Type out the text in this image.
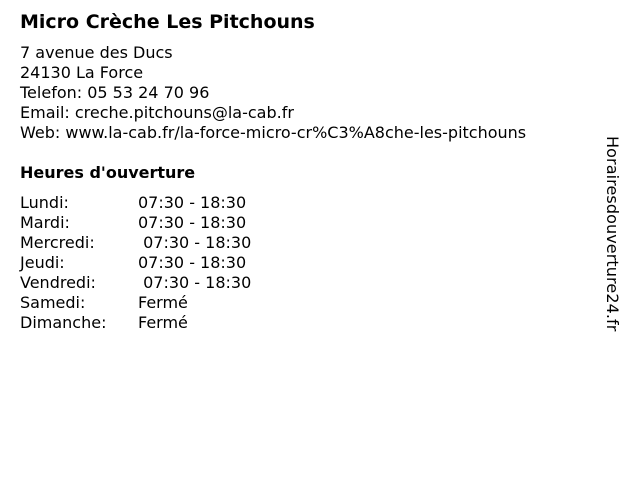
Micro Crèche Les Pitchouns
7 avenue des Ducs
24130 La Force
Telefon: 05 53 24 70 96
Email: creche.pitchouns@la-cab.fr
Web: www.la-cab.fr/la-force-micro-cr%C3%A8che-les-pitchouns
Heures d'ouverture
Lundi:	07:30 - 18:30
Mardi:	07:30 - 18:30
Mercredi:	07:30 - 18:30
Jeudi:	07:30 - 18:30
Vendredi:	07:30 - 18:30
Samedi:	Fermé
Dimanche: Fermé	Horairesdouverture24.fr
